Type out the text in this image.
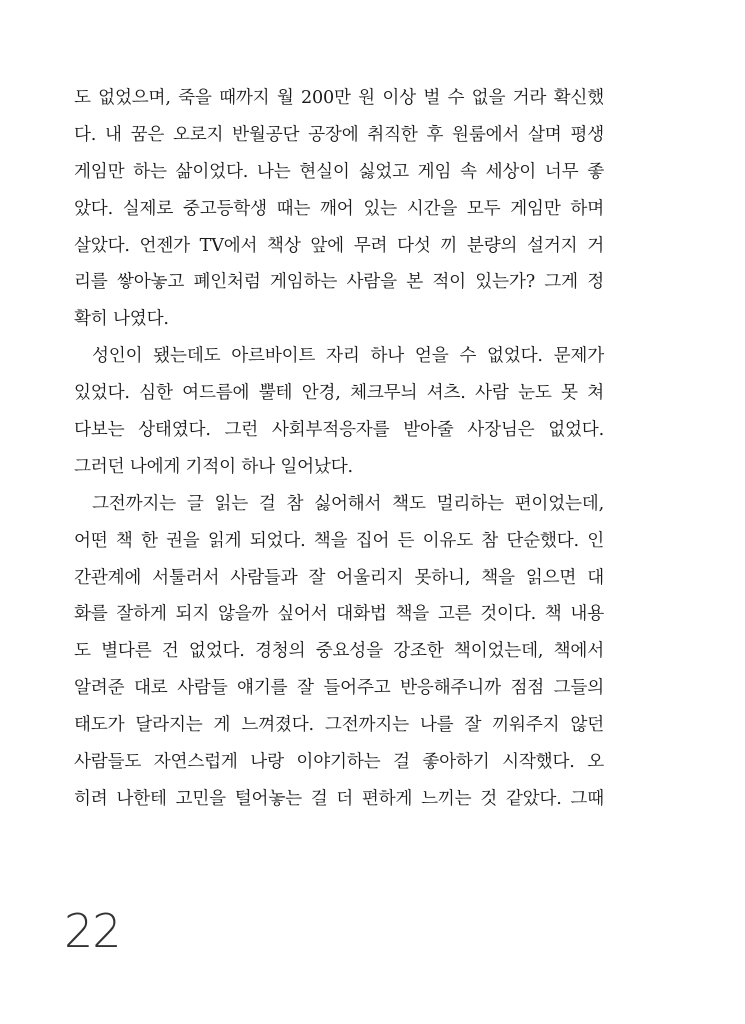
도 없었으며, 죽을 때까지 월 200만 원 이상 벌 수 없을 거라 확신했
다. 내 꿈은 오로지 반월공단 공장에 취직한 후 원룸에서 살며 평생
게임만 하는 삶이었다. 나는 현실이 싫었고 게임 속 세상이 너무 좋
았다. 실제로 중고등학생 때는 깨어 있는 시간을 모두 게임만 하며
살았다. 언젠가 TV에서 책상 앞에 무려 다섯 끼 분량의 설거지 거
리를 쌓아놓고 폐인처럼 게임하는 사람을 본 적이 있는가? 그게 정
확히 나였다.
성인이 됐는데도 아르바이트 자리 하나 얻을 수 없었다. 문제가
있었다. 심한 여드름에 뿔테 안경, 체크무늬 셔츠. 사람 눈도 못 쳐
다보는 상태였다. 그런 사회부적응자를 받아줄 사장님은 없었다.
그러던 나에게 기적이 하나 일어났다.
그전까지는 글 읽는 걸 참 싫어해서 책도 멀리하는 편이었는데,
어떤 책 한 권을 읽게 되었다. 책을 집어 든 이유도 참 단순했다. 인
간관계에 서툴러서 사람들과 잘 어울리지 못하니, 책을 읽으면 대
화를 잘하게 되지 않을까 싶어서 대화법 책을 고른 것이다. 책 내용
도 별다른 건 없었다. 경청의 중요성을 강조한 책이었는데, 책에서
알려준 대로 사람들 얘기를 잘 들어주고 반응해주니까 점점 그들의
태도가 달라지는 게 느껴졌다. 그전까지는 나를 잘 끼워주지 않던
사람들도 자연스럽게 나랑 이야기하는 걸 좋아하기 시작했다. 오
히려 나한테 고민을 털어놓는 걸 더 편하게 느끼는 것 같았다. 그때
22
